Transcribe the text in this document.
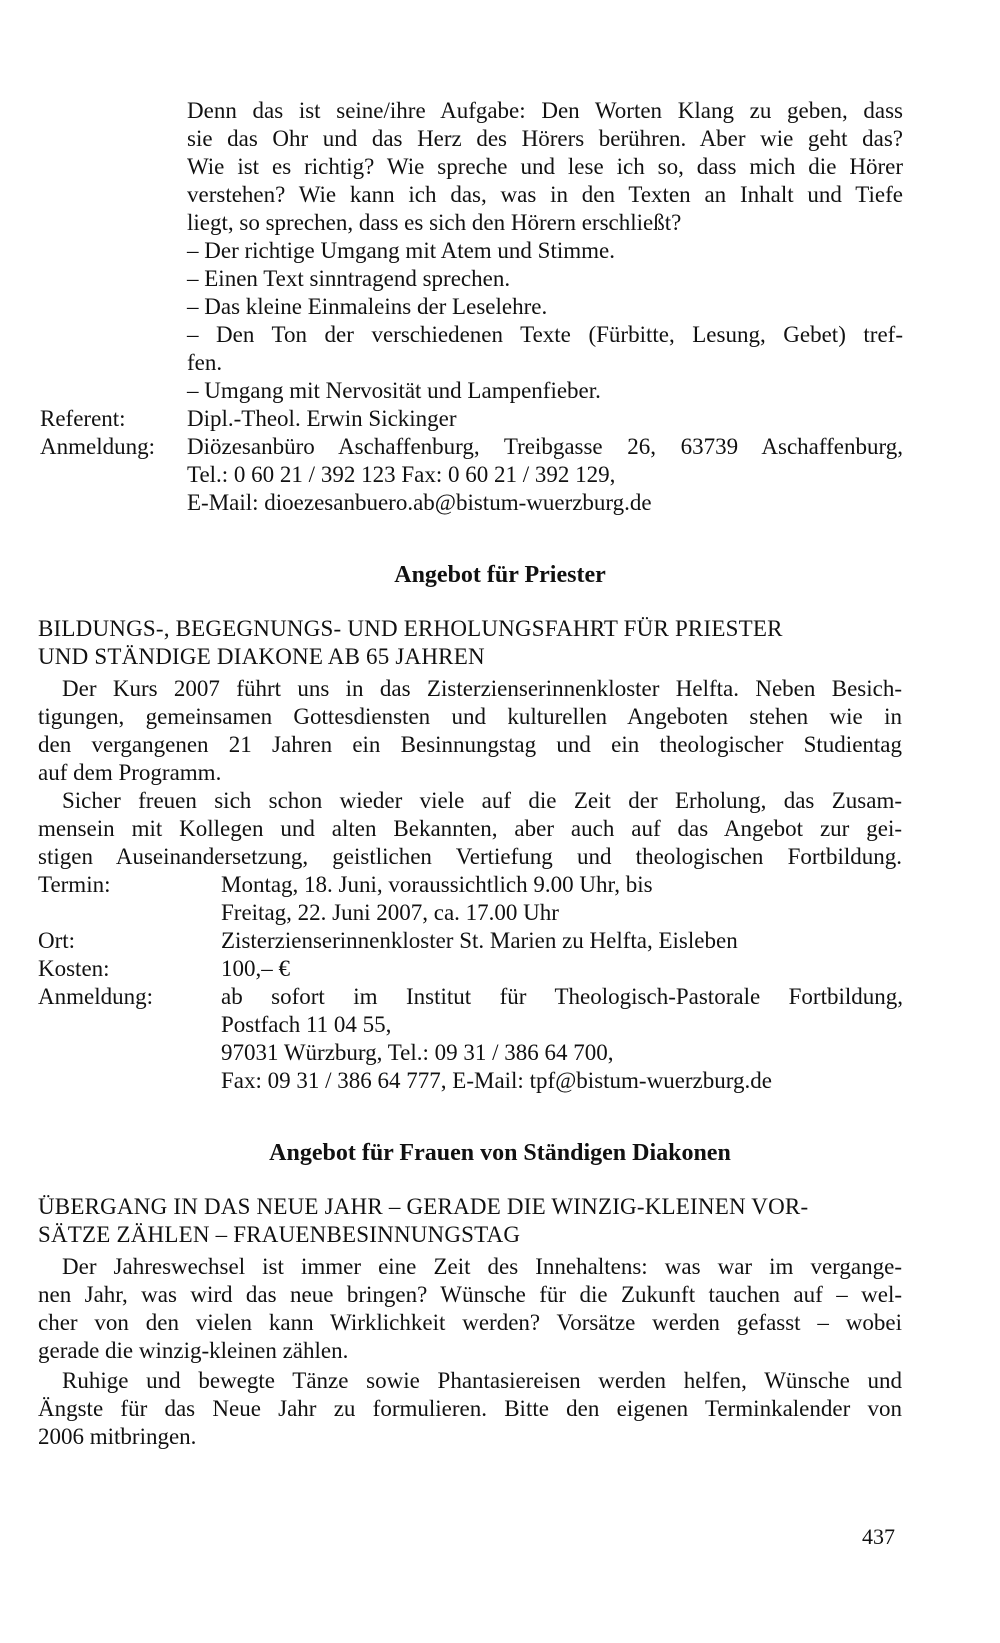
Denn das ist seine/ihre Aufgabe: Den Worten Klang zu geben, dass
sie das Ohr und das Herz des Hörers berühren. Aber wie geht das?
Wie ist es richtig? Wie spreche und lese ich so, dass mich die Hörer
verstehen? Wie kann ich das, was in den Texten an Inhalt und Tiefe
liegt, so sprechen, dass es sich den Hörern erschließt?
– Der richtige Umgang mit Atem und Stimme.
– Einen Text sinntragend sprechen.
– Das kleine Einmaleins der Leselehre.
– Den Ton der verschiedenen Texte (Fürbitte, Lesung, Gebet) tref-
fen.
– Umgang mit Nervosität und Lampenfieber.
Referent:	Dipl.-Theol. Erwin Sickinger
Anmeldung: Diözesanbüro Aschaffenburg, Treibgasse 26, 63739 Aschaffenburg,
Tel.: 0 60 21 / 392 123 Fax: 0 60 21 / 392 129,
E-Mail: dioezesanbuero.ab@bistum-wuerzburg.de
Angebot für Priester
BILDUNGS-, BEGEGNUNGS- UND ERHOLUNGSFAHRT FÜR PRIESTER
UND STÄNDIGE DIAKONE AB 65 JAHREN
Der Kurs 2007 führt uns in das Zisterzienserinnenkloster Helfta. Neben Besich-
tigungen, gemeinsamen Gottesdiensten und kulturellen Angeboten stehen wie in
den vergangenen 21 Jahren ein Besinnungstag und ein theologischer Studientag
auf dem Programm.
Sicher freuen sich schon wieder viele auf die Zeit der Erholung, das Zusam-
mensein mit Kollegen und alten Bekannten, aber auch auf das Angebot zur gei-
stigen Auseinandersetzung, geistlichen Vertiefung und theologischen Fortbildung.
Termin:	Montag, 18. Juni, voraussichtlich 9.00 Uhr, bis
Freitag, 22. Juni 2007, ca. 17.00 Uhr
Ort:	Zisterzienserinnenkloster St. Marien zu Helfta, Eisleben
Kosten:	100,– €
Anmeldung:	ab sofort im Institut für Theologisch-Pastorale Fortbildung,
Postfach 11 04 55,
97031 Würzburg, Tel.: 09 31 / 386 64 700,
Fax: 09 31 / 386 64 777, E-Mail: tpf@bistum-wuerzburg.de
Angebot für Frauen von Ständigen Diakonen
ÜBERGANG IN DAS NEUE JAHR – GERADE DIE WINZIG-KLEINEN VOR-
SÄTZE ZÄHLEN – FRAUENBESINNUNGSTAG
Der Jahreswechsel ist immer eine Zeit des Innehaltens: was war im vergange-
nen Jahr, was wird das neue bringen? Wünsche für die Zukunft tauchen auf – wel-
cher von den vielen kann Wirklichkeit werden? Vorsätze werden gefasst – wobei
gerade die winzig-kleinen zählen.
Ruhige und bewegte Tänze sowie Phantasiereisen werden helfen, Wünsche und
Ängste für das Neue Jahr zu formulieren. Bitte den eigenen Terminkalender von
2006 mitbringen.
437
